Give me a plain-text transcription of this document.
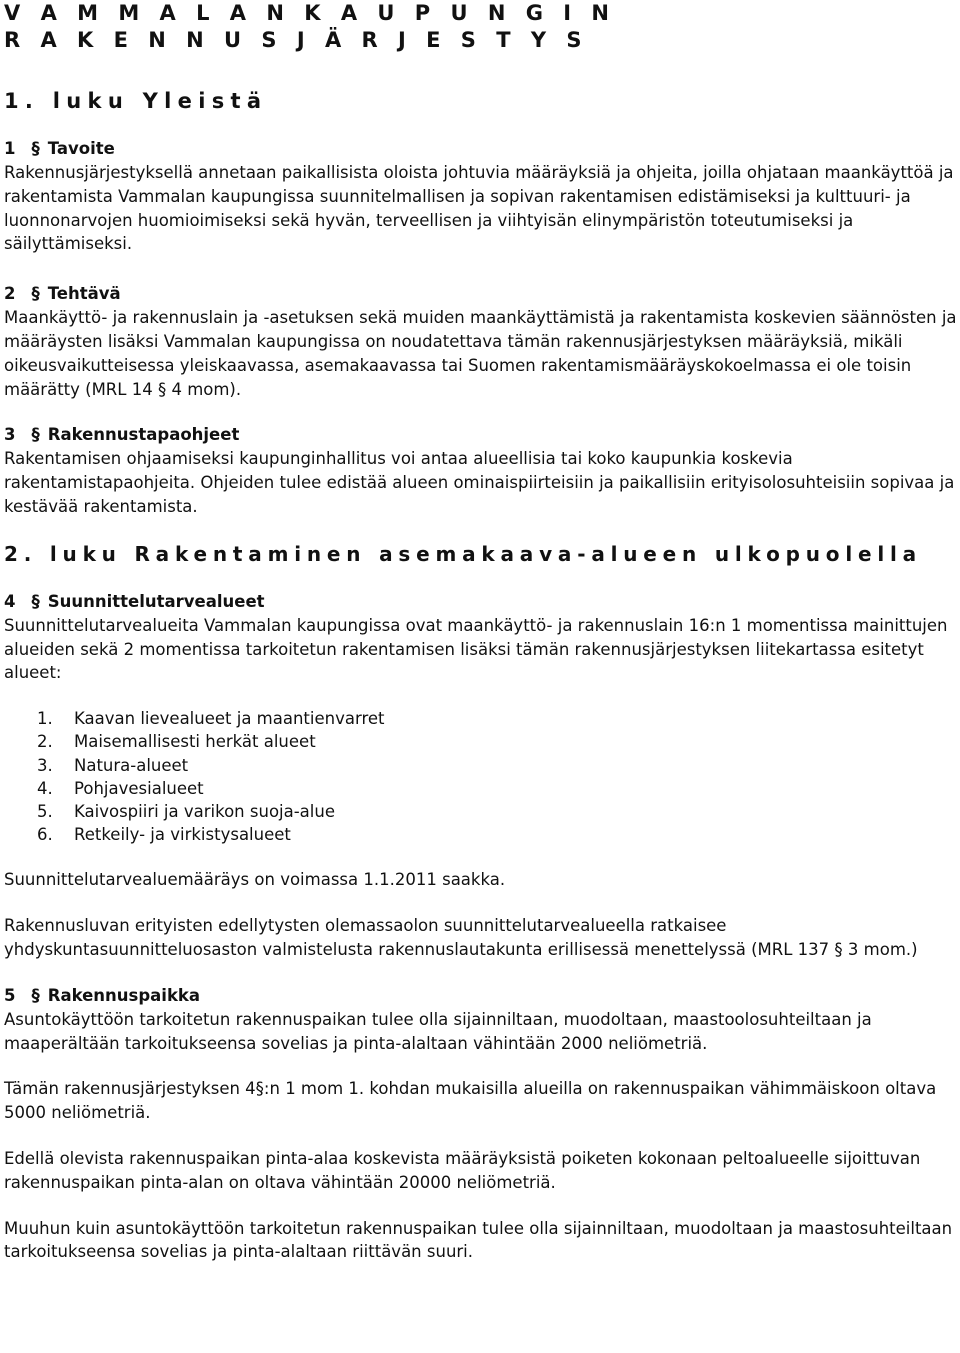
V A M M A L A N K A U P U N G I N
R A K E N N U S J Ä R J E S T Y S
1. luku Yleistä
1 § Tavoite

Rakennusjärjestyksellä annetaan paikallisista oloista johtuvia määräyksiä ja ohjeita, joilla ohjataan maankäyttöä ja rakentamista Vammalan kaupungissa suunnitelmallisen ja sopivan rakentamisen edistämiseksi ja kulttuuri- ja luonnonarvojen huomioimiseksi sekä hyvän, terveellisen ja viihtyisän elinympäristön toteutumiseksi ja säilyttämiseksi.

2 § Tehtävä

Maankäyttö- ja rakennuslain ja -asetuksen sekä muiden maankäyttämistä ja rakentamista koskevien säännösten ja määräysten lisäksi Vammalan kaupungissa on noudatettava tämän rakennusjärjestyksen määräyksiä, mikäli oikeusvaikutteisessa yleiskaavassa, asemakaavassa tai Suomen rakentamismääräyskokoelmassa ei ole toisin määrätty (MRL 14 § 4 mom).

3 § Rakennustapaohjeet

Rakentamisen ohjaamiseksi kaupunginhallitus voi antaa alueellisia tai koko kaupunkia koskevia rakentamistapaohjeita. Ohjeiden tulee edistää alueen ominaispiirteisiin ja paikallisiin erityisolosuhteisiin sopivaa ja kestävää rakentamista.

2. luku Rakentaminen asemakaava-alueen ulkopuolella
4 § Suunnittelutarvealueet

Suunnittelutarvealueita Vammalan kaupungissa ovat maankäyttö- ja rakennuslain 16:n 1 momentissa mainittujen alueiden sekä 2 momentissa tarkoitetun rakentamisen lisäksi tämän rakennusjärjestyksen liitekartassa esitetyt alueet:

1. Kaavan lievealueet ja maantienvarret
2. Maisemallisesti herkät alueet
3. Natura-alueet
4. Pohjavesialueet
5. Kaivospiiri ja varikon suoja-alue
6. Retkeily- ja virkistysalueet

Suunnittelutarvealuemääräys on voimassa 1.1.2011 saakka.

Rakennusluvan erityisten edellytysten olemassaolon suunnittelutarvealueella ratkaisee yhdyskuntasuunnitteluosaston valmistelusta rakennuslautakunta erillisessä menettelyssä (MRL 137 § 3 mom.)

5 § Rakennuspaikka

Asuntokäyttöön tarkoitetun rakennuspaikan tulee olla sijainniltaan, muodoltaan, maastoolosuhteiltaan ja maaperältään tarkoitukseensa sovelias ja pinta-alaltaan vähintään 2000 neliömetriä.

Tämän rakennusjärjestyksen 4§:n 1 mom 1. kohdan mukaisilla alueilla on rakennuspaikan vähimmäiskoon oltava 5000 neliömetriä.

Edellä olevista rakennuspaikan pinta-alaa koskevista määräyksistä poiketen kokonaan peltoalueelle sijoittuvan rakennuspaikan pinta-alan on oltava vähintään 20000 neliömetriä.

Muuhun kuin asuntokäyttöön tarkoitetun rakennuspaikan tulee olla sijainniltaan, muodoltaan ja maastosuhteiltaan tarkoitukseensa sovelias ja pinta-alaltaan riittävän suuri.
